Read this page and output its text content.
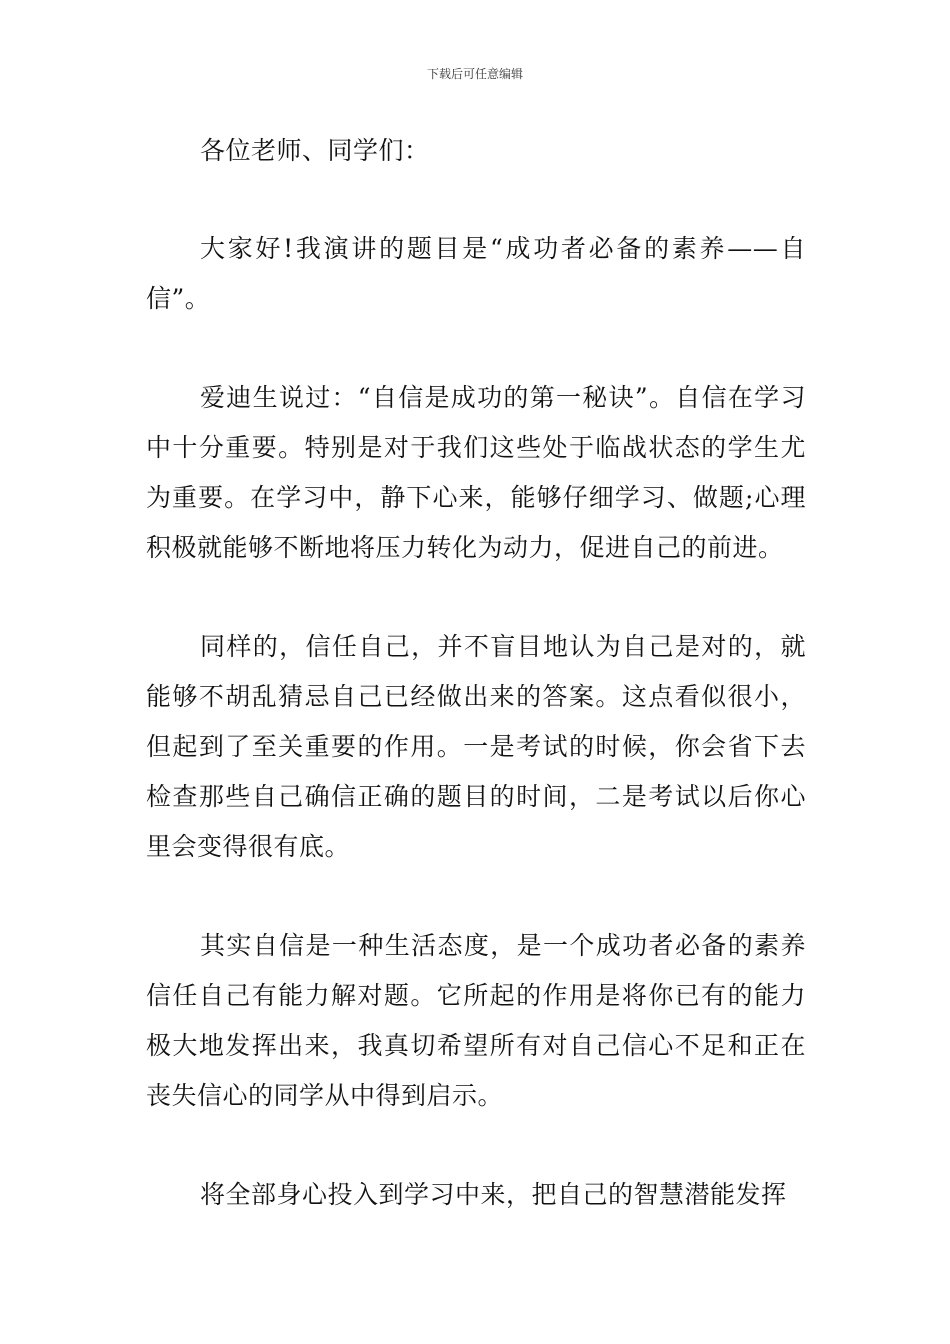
下载后可任意编辑

各位老师、同学们：

大家好!我演讲的题目是“成功者必备的素养——自信”。

爱迪生说过：“自信是成功的第一秘诀”。自信在学习中十分重要。特别是对于我们这些处于临战状态的学生尤为重要。在学习中，静下心来，能够仔细学习、做题;心理积极就能够不断地将压力转化为动力，促进自己的前进。

同样的，信任自己，并不盲目地认为自己是对的，就能够不胡乱猜忌自己已经做出来的答案。这点看似很小，但起到了至关重要的作用。一是考试的时候，你会省下去检查那些自己确信正确的题目的时间，二是考试以后你心里会变得很有底。

其实自信是一种生活态度，是一个成功者必备的素养信任自己有能力解对题。它所起的作用是将你已有的能力极大地发挥出来，我真切希望所有对自己信心不足和正在丧失信心的同学从中得到启示。

将全部身心投入到学习中来，把自己的智慧潜能发挥
